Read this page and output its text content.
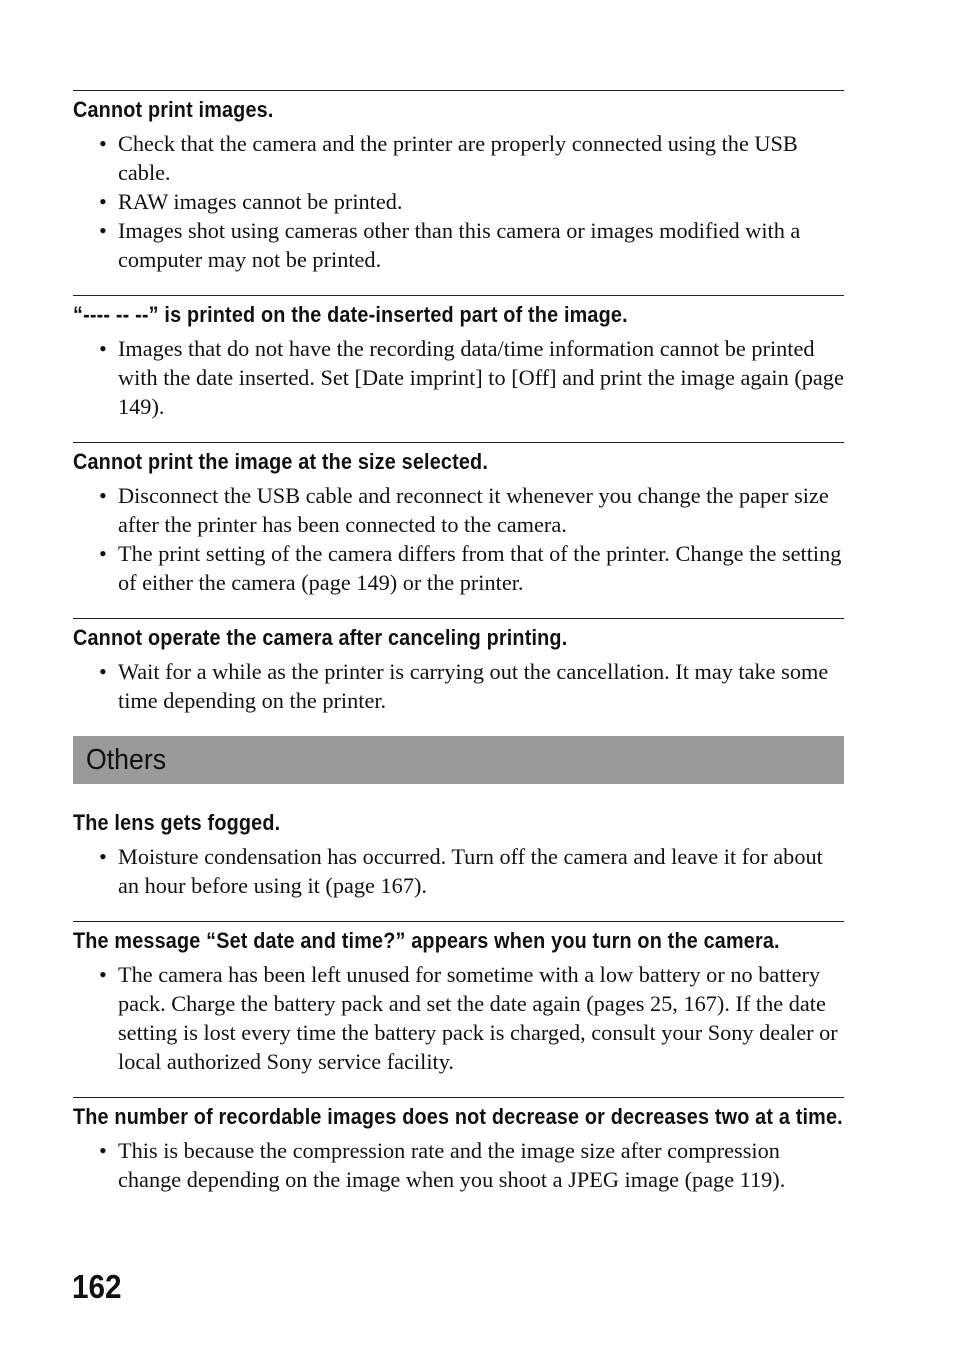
Cannot print images.
• Check that the camera and the printer are properly connected using the USB cable.
• RAW images cannot be printed.
• Images shot using cameras other than this camera or images modified with a computer may not be printed.
“---- -- --” is printed on the date-inserted part of the image.
• Images that do not have the recording data/time information cannot be printed with the date inserted. Set [Date imprint] to [Off] and print the image again (page 149).
Cannot print the image at the size selected.
• Disconnect the USB cable and reconnect it whenever you change the paper size after the printer has been connected to the camera.
• The print setting of the camera differs from that of the printer. Change the setting of either the camera (page 149) or the printer.
Cannot operate the camera after canceling printing.
• Wait for a while as the printer is carrying out the cancellation. It may take some time depending on the printer.
Others
The lens gets fogged.
• Moisture condensation has occurred. Turn off the camera and leave it for about an hour before using it (page 167).
The message “Set date and time?” appears when you turn on the camera.
• The camera has been left unused for sometime with a low battery or no battery pack. Charge the battery pack and set the date again (pages 25, 167). If the date setting is lost every time the battery pack is charged, consult your Sony dealer or local authorized Sony service facility.
The number of recordable images does not decrease or decreases two at a time.
• This is because the compression rate and the image size after compression change depending on the image when you shoot a JPEG image (page 119).
162
